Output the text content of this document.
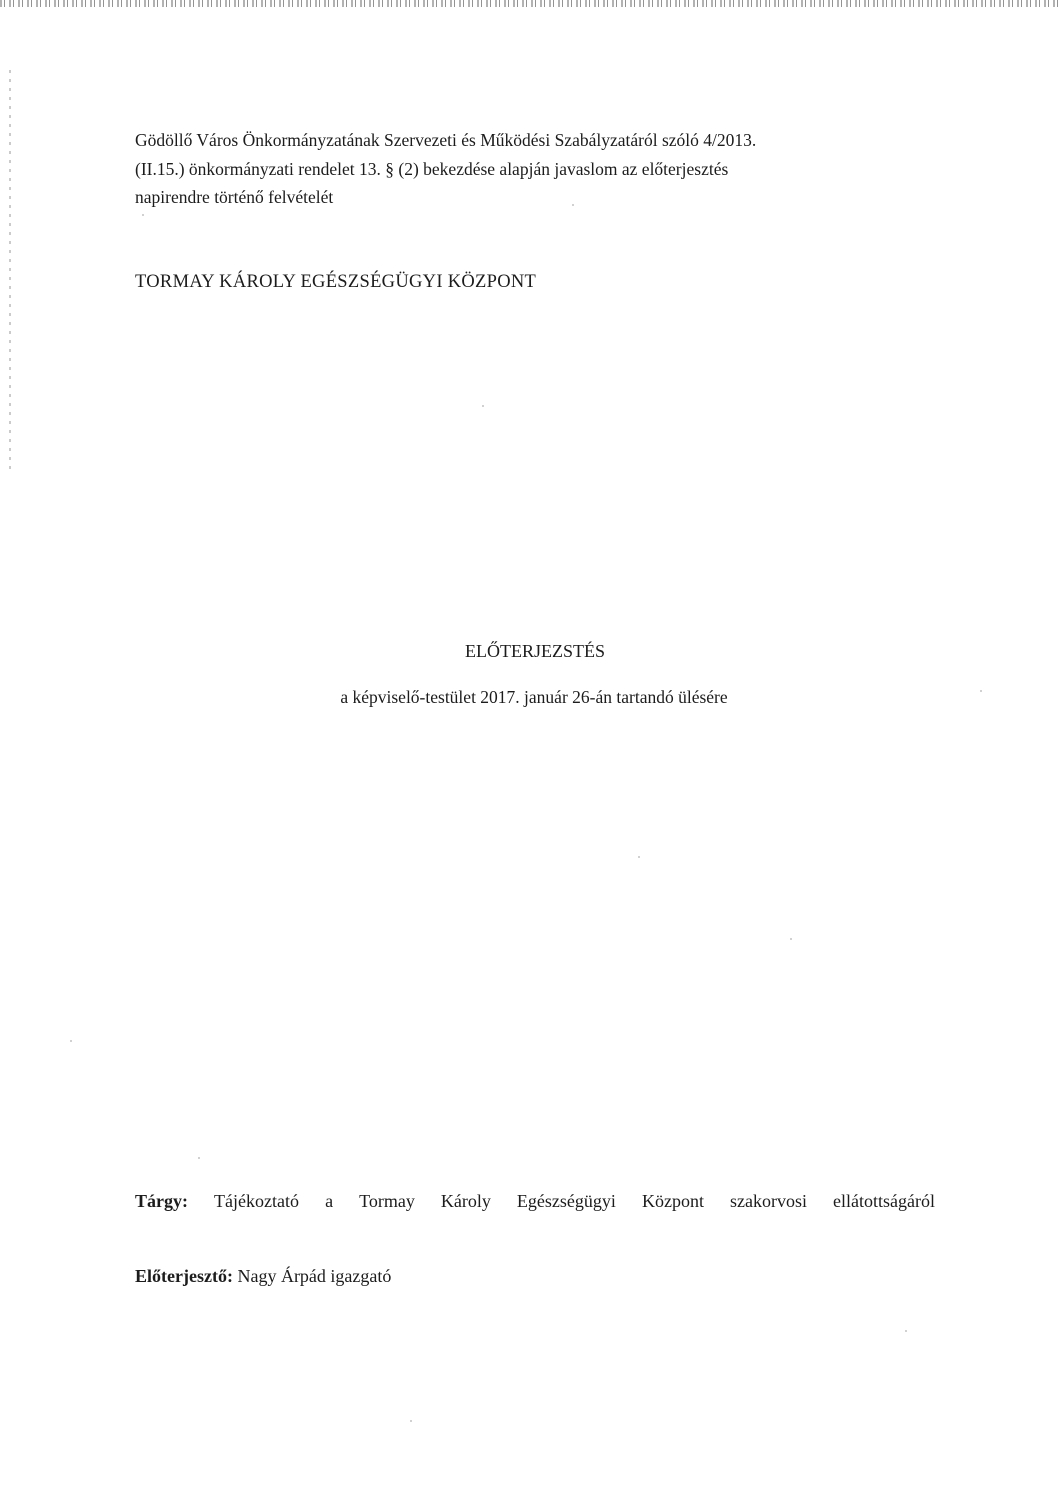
Gödöllő Város Önkormányzatának Szervezeti és Működési Szabályzatáról szóló 4/2013.
(II.15.) önkormányzati rendelet 13. § (2) bekezdése alapján javaslom az előterjesztés
napirendre történő felvételét

TORMAY KÁROLY EGÉSZSÉGÜGYI KÖZPONT

ELŐTERJEZSTÉS

a képviselő-testület 2017. január 26-án tartandó ülésére

Tárgy: Tájékoztató a Tormay Károly Egészségügyi Központ szakorvosi ellátottságáról

Előterjesztő: Nagy Árpád igazgató
